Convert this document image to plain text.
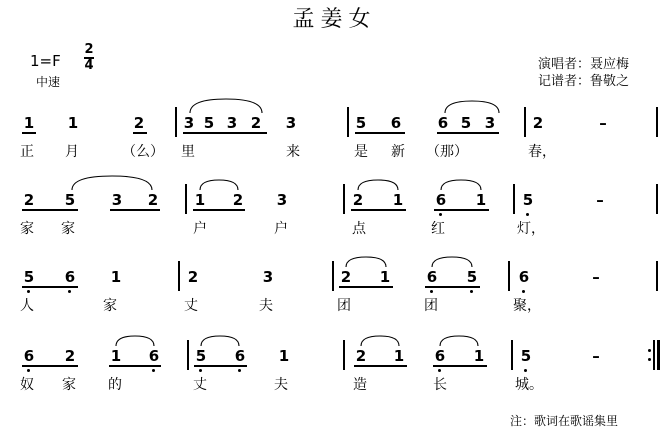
孟姜女
1=F
2
4
中速
演唱者：聂应梅
记谱者：鲁敬之
1 1	2	3 5 3 2 3	5 6 6 5 3	2	–
正 月	（么） 里	来	是 新 （那）	春，
2 5 3 2 1 2 3	2 1 6 1 5	–
家 家	户	户	点	红	灯，
5 6 1	2	3	2 1 6 5	6	–
人	家	丈	夫	团	团	聚，
6 2 1 6 5 6 1	2 1 6 1 5	–
奴 家 的	丈	夫	造	长	城。
注：歌词在歌谣集里
